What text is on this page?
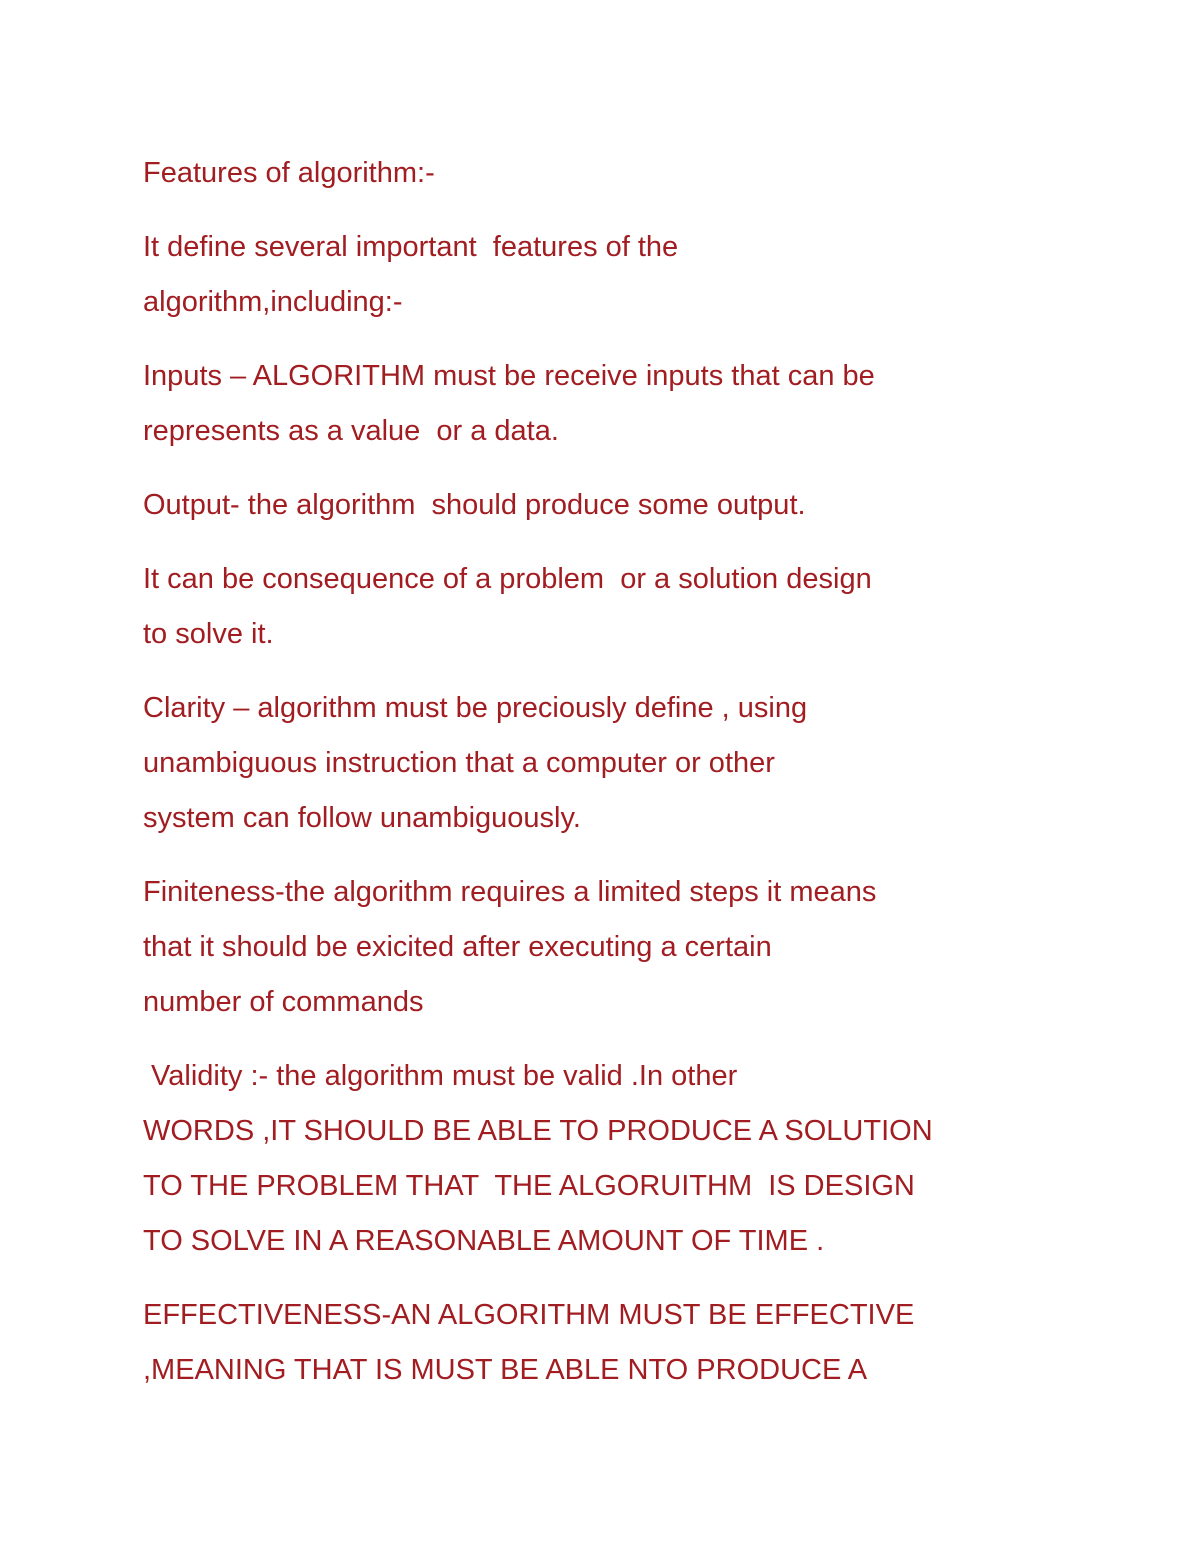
Features of algorithm:-
It define several important  features of the
algorithm,including:-
Inputs – ALGORITHM must be receive inputs that can be
represents as a value  or a data.
Output- the algorithm  should produce some output.
It can be consequence of a problem  or a solution design
to solve it.
Clarity – algorithm must be preciously define , using
unambiguous instruction that a computer or other
system can follow unambiguously.
Finiteness-the algorithm requires a limited steps it means
that it should be exicited after executing a certain
number of commands
Validity :- the algorithm must be valid .In other
WORDS ,IT SHOULD BE ABLE TO PRODUCE A SOLUTION
TO THE PROBLEM THAT  THE ALGORUITHM  IS DESIGN
TO SOLVE IN A REASONABLE AMOUNT OF TIME .
EFFECTIVENESS-AN ALGORITHM MUST BE EFFECTIVE
,MEANING THAT IS MUST BE ABLE NTO PRODUCE A
